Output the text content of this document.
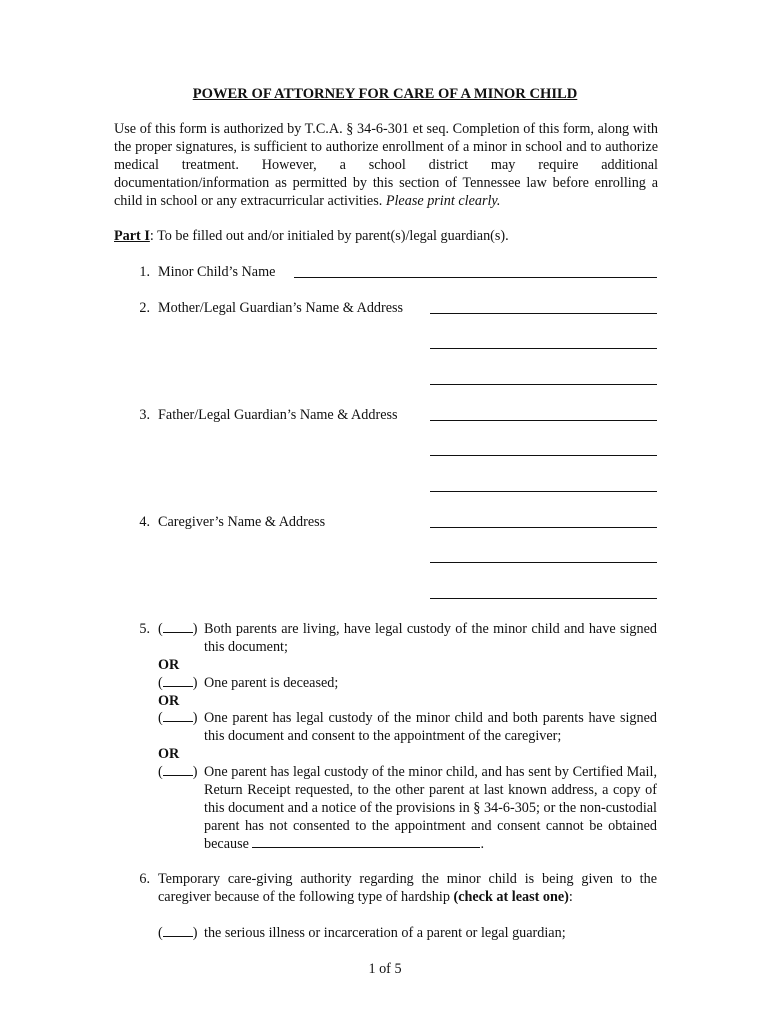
POWER OF ATTORNEY FOR CARE OF A MINOR CHILD
Use of this form is authorized by T.C.A. § 34-6-301 et seq. Completion of this form, along with the proper signatures, is sufficient to authorize enrollment of a minor in school and to authorize medical treatment. However, a school district may require additional documentation/information as permitted by this section of Tennessee law before enrolling a child in school or any extracurricular activities. Please print clearly.
Part I: To be filled out and/or initialed by parent(s)/legal guardian(s).
1. Minor Child’s Name
2. Mother/Legal Guardian’s Name & Address
3. Father/Legal Guardian’s Name & Address
4. Caregiver’s Name & Address
5. ( ) Both parents are living, have legal custody of the minor child and have signed this document;
OR
( ) One parent is deceased;
OR
( ) One parent has legal custody of the minor child and both parents have signed this document and consent to the appointment of the caregiver;
OR
( ) One parent has legal custody of the minor child, and has sent by Certified Mail, Return Receipt requested, to the other parent at last known address, a copy of this document and a notice of the provisions in § 34-6-305; or the non-custodial parent has not consented to the appointment and consent cannot be obtained because	.
6. Temporary care-giving authority regarding the minor child is being given to the caregiver because of the following type of hardship (check at least one):
( ) the serious illness or incarceration of a parent or legal guardian;
1 of 5
